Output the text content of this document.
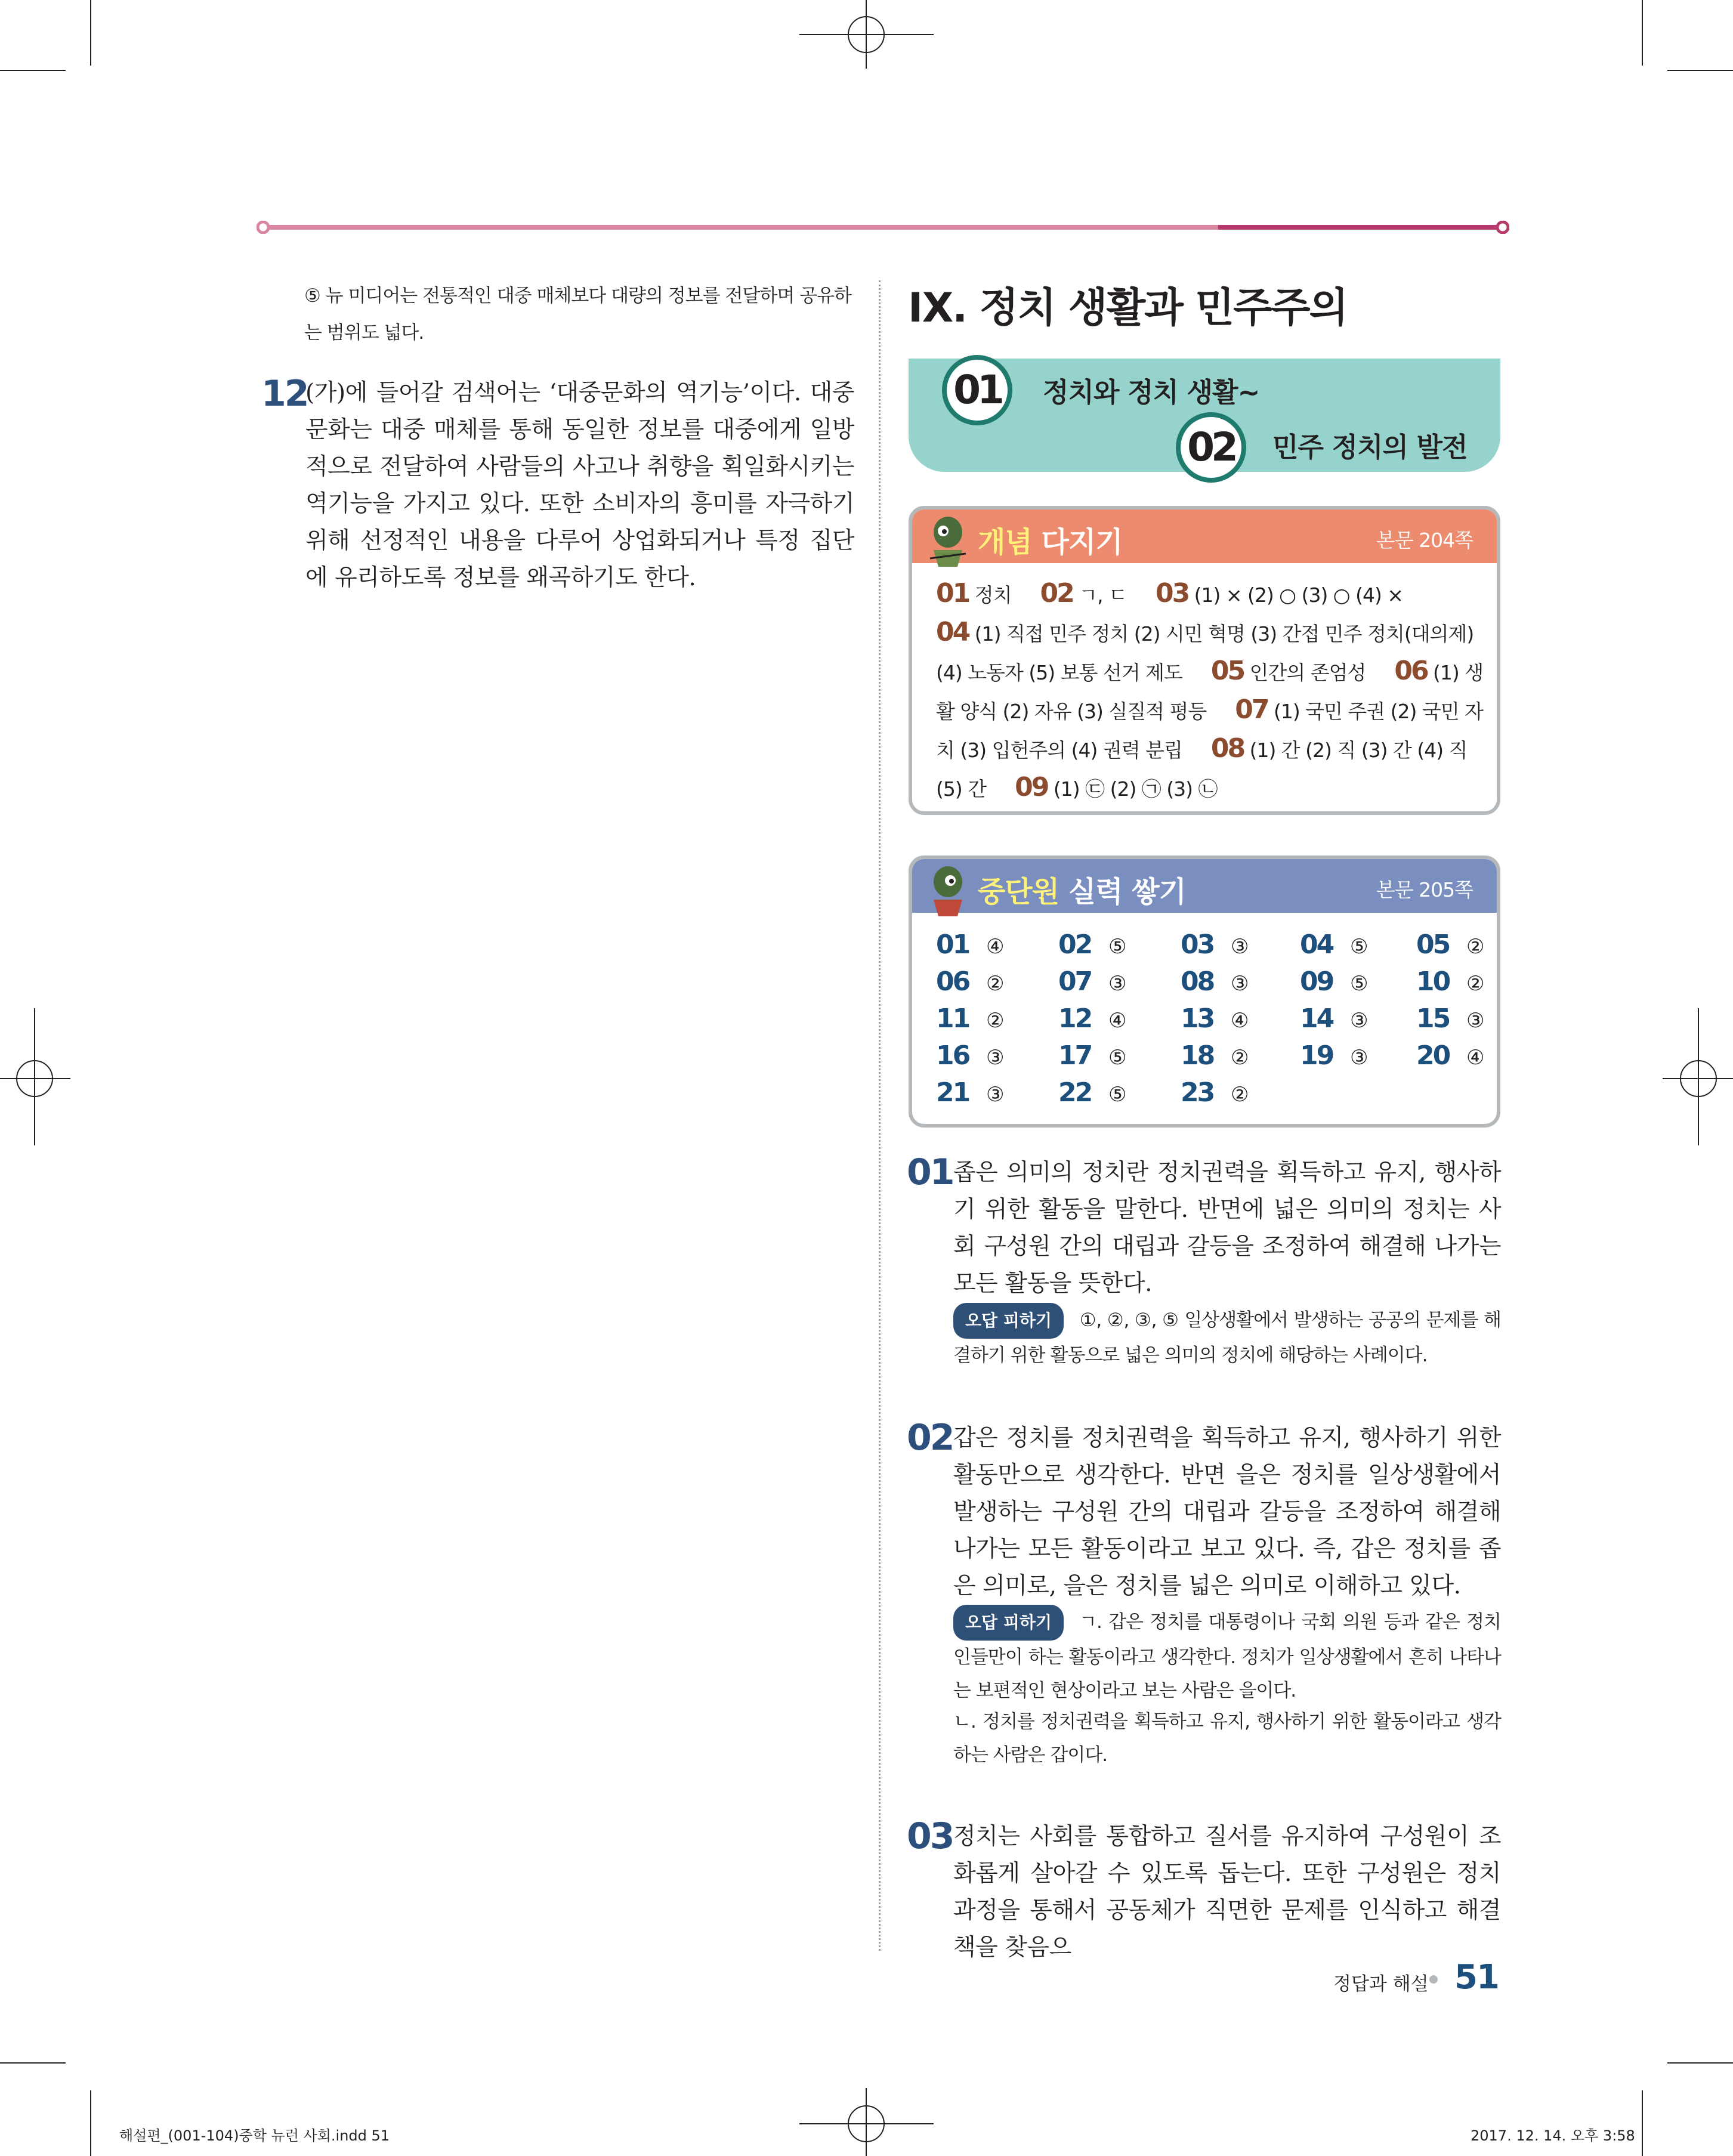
⑤ 뉴 미디어는 전통적인 대중 매체보다 대량의 정보를 전달하며 공유하는 범위도 넓다.
12
(가)에 들어갈 검색어는 ‘대중문화의 역기능’이다. 대중문화는 대중 매체를 통해 동일한 정보를 대중에게 일방적으로 전달하여 사람들의 사고나 취향을 획일화시키는 역기능을 가지고 있다. 또한 소비자의 흥미를 자극하기 위해 선정적인 내용을 다루어 상업화되거나 특정 집단에 유리하도록 정보를 왜곡하기도 한다.
Ⅸ. 정치 생활과 민주주의
01	정치와 정치 생활~
02	민주 정치의 발전
개념 다지기	본문 204쪽
01 정치 02 ㄱ, ㄷ 03 (1) × (2) ○ (3) ○ (4) ×
04 (1) 직접 민주 정치 (2) 시민 혁명 (3) 간접 민주 정치(대의제)
(4) 노동자 (5) 보통 선거 제도 05 인간의 존엄성 06 (1) 생
활 양식 (2) 자유 (3) 실질적 평등 07 (1) 국민 주권 (2) 국민 자
치 (3) 입헌주의 (4) 권력 분립 08 (1) 간 (2) 직 (3) 간 (4) 직
(5) 간 09 (1) ㉢ (2) ㉠ (3) ㉡
중단원 실력 쌓기	본문 205쪽
01 ④ 02 ⑤ 03 ③ 04 ⑤ 05 ②
06 ② 07 ③ 08 ③ 09 ⑤ 10 ②
11 ② 12 ④ 13 ④ 14 ③ 15 ③
16 ③ 17 ⑤ 18 ② 19 ③ 20 ④
21 ③ 22 ⑤ 23 ②
01 좁은 의미의 정치란 정치권력을 획득하고 유지, 행사하기 위한 활동을 말한다. 반면에 넓은 의미의 정치는 사회 구성원 간의 대립과 갈등을 조정하여 해결해 나가는 모든 활동을 뜻한다.
오답 피하기 ①, ②, ③, ⑤ 일상생활에서 발생하는 공공의 문제를 해결하기 위한 활동으로 넓은 의미의 정치에 해당하는 사례이다.
02 갑은 정치를 정치권력을 획득하고 유지, 행사하기 위한 활동만으로 생각한다. 반면 을은 정치를 일상생활에서 발생하는 구성원 간의 대립과 갈등을 조정하여 해결해 나가는 모든 활동이라고 보고 있다. 즉, 갑은 정치를 좁은 의미로, 을은 정치를 넓은 의미로 이해하고 있다.
오답 피하기 ㄱ. 갑은 정치를 대통령이나 국회 의원 등과 같은 정치인들만이 하는 활동이라고 생각한다. 정치가 일상생활에서 흔히 나타나는 보편적인 현상이라고 보는 사람은 을이다.
ㄴ. 정치를 정치권력을 획득하고 유지, 행사하기 위한 활동이라고 생각하는 사람은 갑이다.
03 정치는 사회를 통합하고 질서를 유지하여 구성원이 조화롭게 살아갈 수 있도록 돕는다. 또한 구성원은 정치 과정을 통해서 공동체가 직면한 문제를 인식하고 해결책을 찾음으
정답과 해설 51
해설편_(001-104)중학 뉴런 사회.indd 51	2017. 12. 14. 오후 3:58
